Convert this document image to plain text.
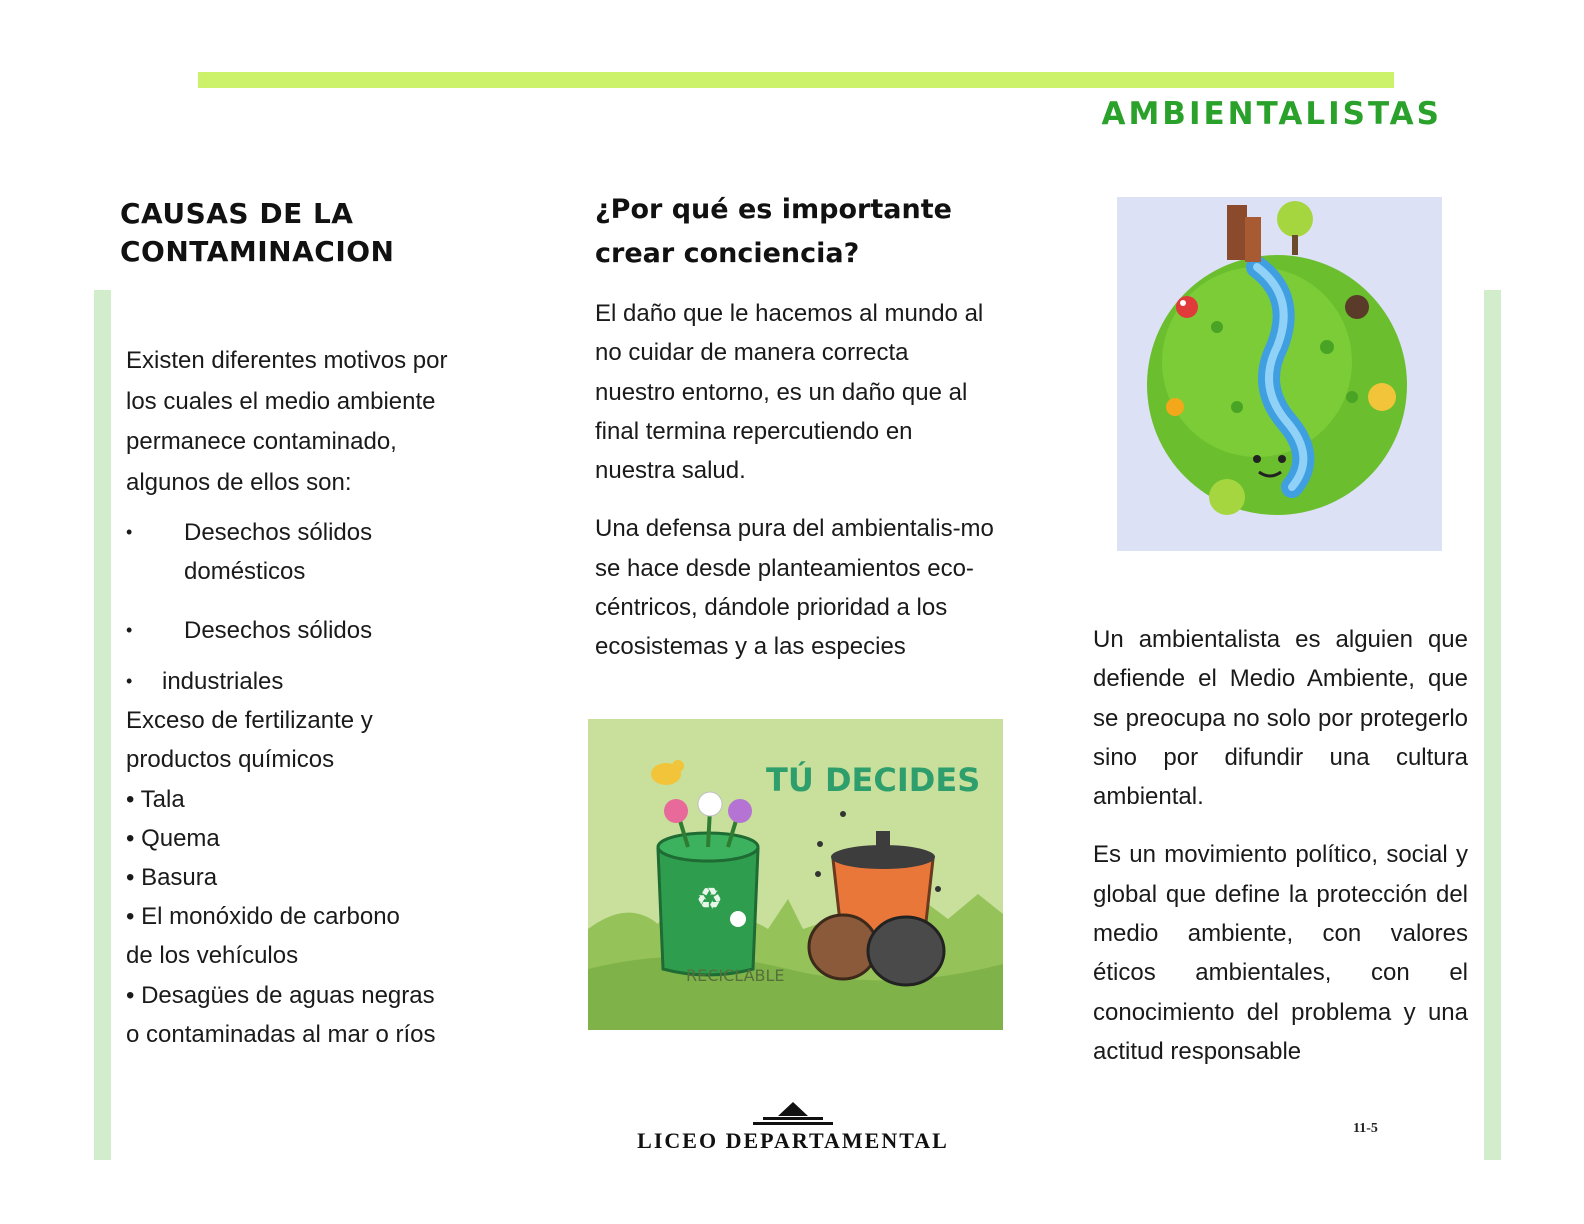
AMBIENTALISTAS
CAUSAS DE LA
CONTAMINACION

Existen diferentes motivos por los cuales el medio ambiente permanece contaminado, algunos de ellos son:

• Desechos sólidos domésticos
• Desechos sólidos
• industriales
Exceso de fertilizante y
productos químicos
• Tala
• Quema
• Basura
• El monóxido de carbono
de los vehículos
• Desagües de aguas negras
o contaminadas al mar o ríos
¿Por qué es importante crear conciencia?

El daño que le hacemos al mundo al no cuidar de manera correcta nuestro entorno, es un daño que al final termina repercutiendo en nuestra salud.

Una defensa pura del ambientalis-mo se hace desde planteamientos eco-céntricos, dándole prioridad a los ecosistemas y a las especies

♻
TÚ DECIDES
RECICLABLE

Un ambientalista es alguien que defiende el Medio Ambiente, que se preocupa no solo por protegerlo sino por difundir una cultura ambiental.

Es un movimiento político, social y global que define la protección del medio ambiente, con valores éticos ambientales, con el conocimiento del problema y una actitud responsable

LICEO DEPARTAMENTAL	11-5
